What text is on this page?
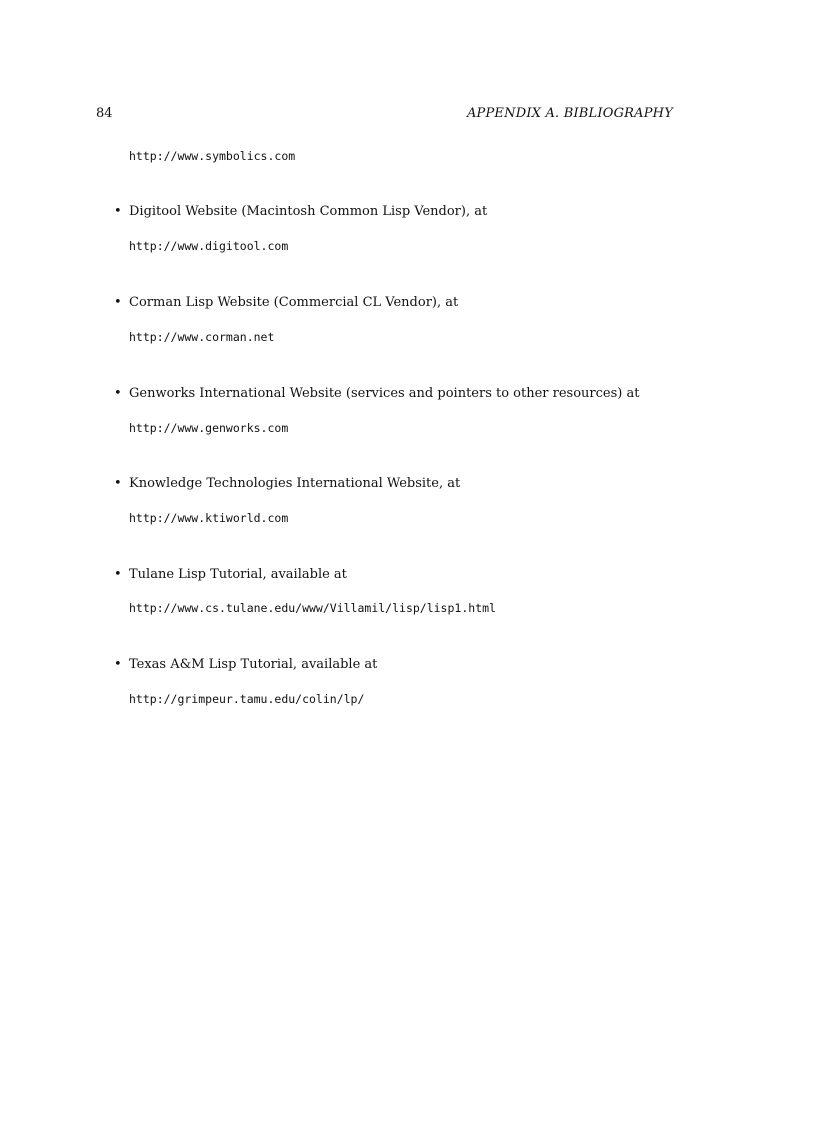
84	APPENDIX A. BIBLIOGRAPHY
http://www.symbolics.com
• Digitool Website (Macintosh Common Lisp Vendor), at
http://www.digitool.com
• Corman Lisp Website (Commercial CL Vendor), at
http://www.corman.net
• Genworks International Website (services and pointers to other resources) at
http://www.genworks.com
• Knowledge Technologies International Website, at
http://www.ktiworld.com
• Tulane Lisp Tutorial, available at
http://www.cs.tulane.edu/www/Villamil/lisp/lisp1.html
• Texas A&M Lisp Tutorial, available at
http://grimpeur.tamu.edu/colin/lp/
